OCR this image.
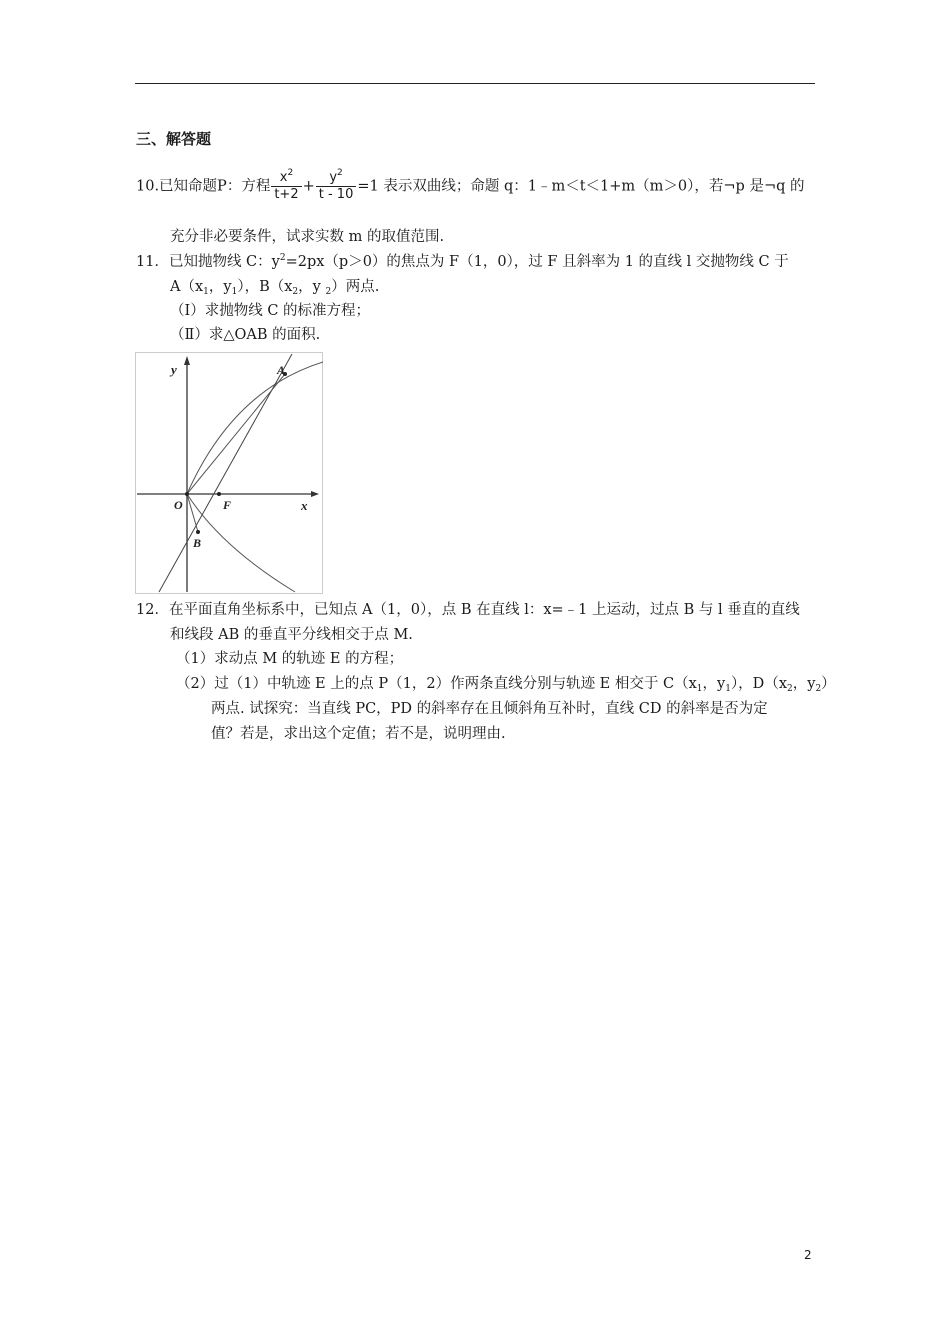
三、解答题
10.已知命题P：方程 $\frac{x^2}{t+2} + \frac{y^2}{t - 10} =1$ 表示双曲线；命题 q：1﹣m＜t＜1+m（m＞0），若¬p 是¬q 的
充分非必要条件，试求实数 m 的取值范围.
11．已知抛物线 C：$y^2=2px(p>0)$的焦点为 F（1，0），过 F 且斜率为 1 的直线 l 交抛物线 C 于
$A(x_1$，$y_1$），$B(x_2$，y $_2$）两点.
（Ⅰ）求抛物线 C 的标准方程；
（Ⅱ）求△OAB 的面积.
y
x
O	F
A
B
12．在平面直角坐标系中，已知点 A（1，0），点 B 在直线 l：x=﹣1 上运动，过点 B 与 l 垂直的直线
和线段 AB 的垂直平分线相交于点 M.
（1）求动点 M 的轨迹 E 的方程；
（2）过（1）中轨迹 E 上的点 P（1，2）作两条直线分别与轨迹 E 相交于 $C(x_1$，$y_1$），$D(x_2$，$y_2$）
两点. 试探究：当直线 PC，PD 的斜率存在且倾斜角互补时，直线 CD 的斜率是否为定
值？若是，求出这个定值；若不是，说明理由.
2
